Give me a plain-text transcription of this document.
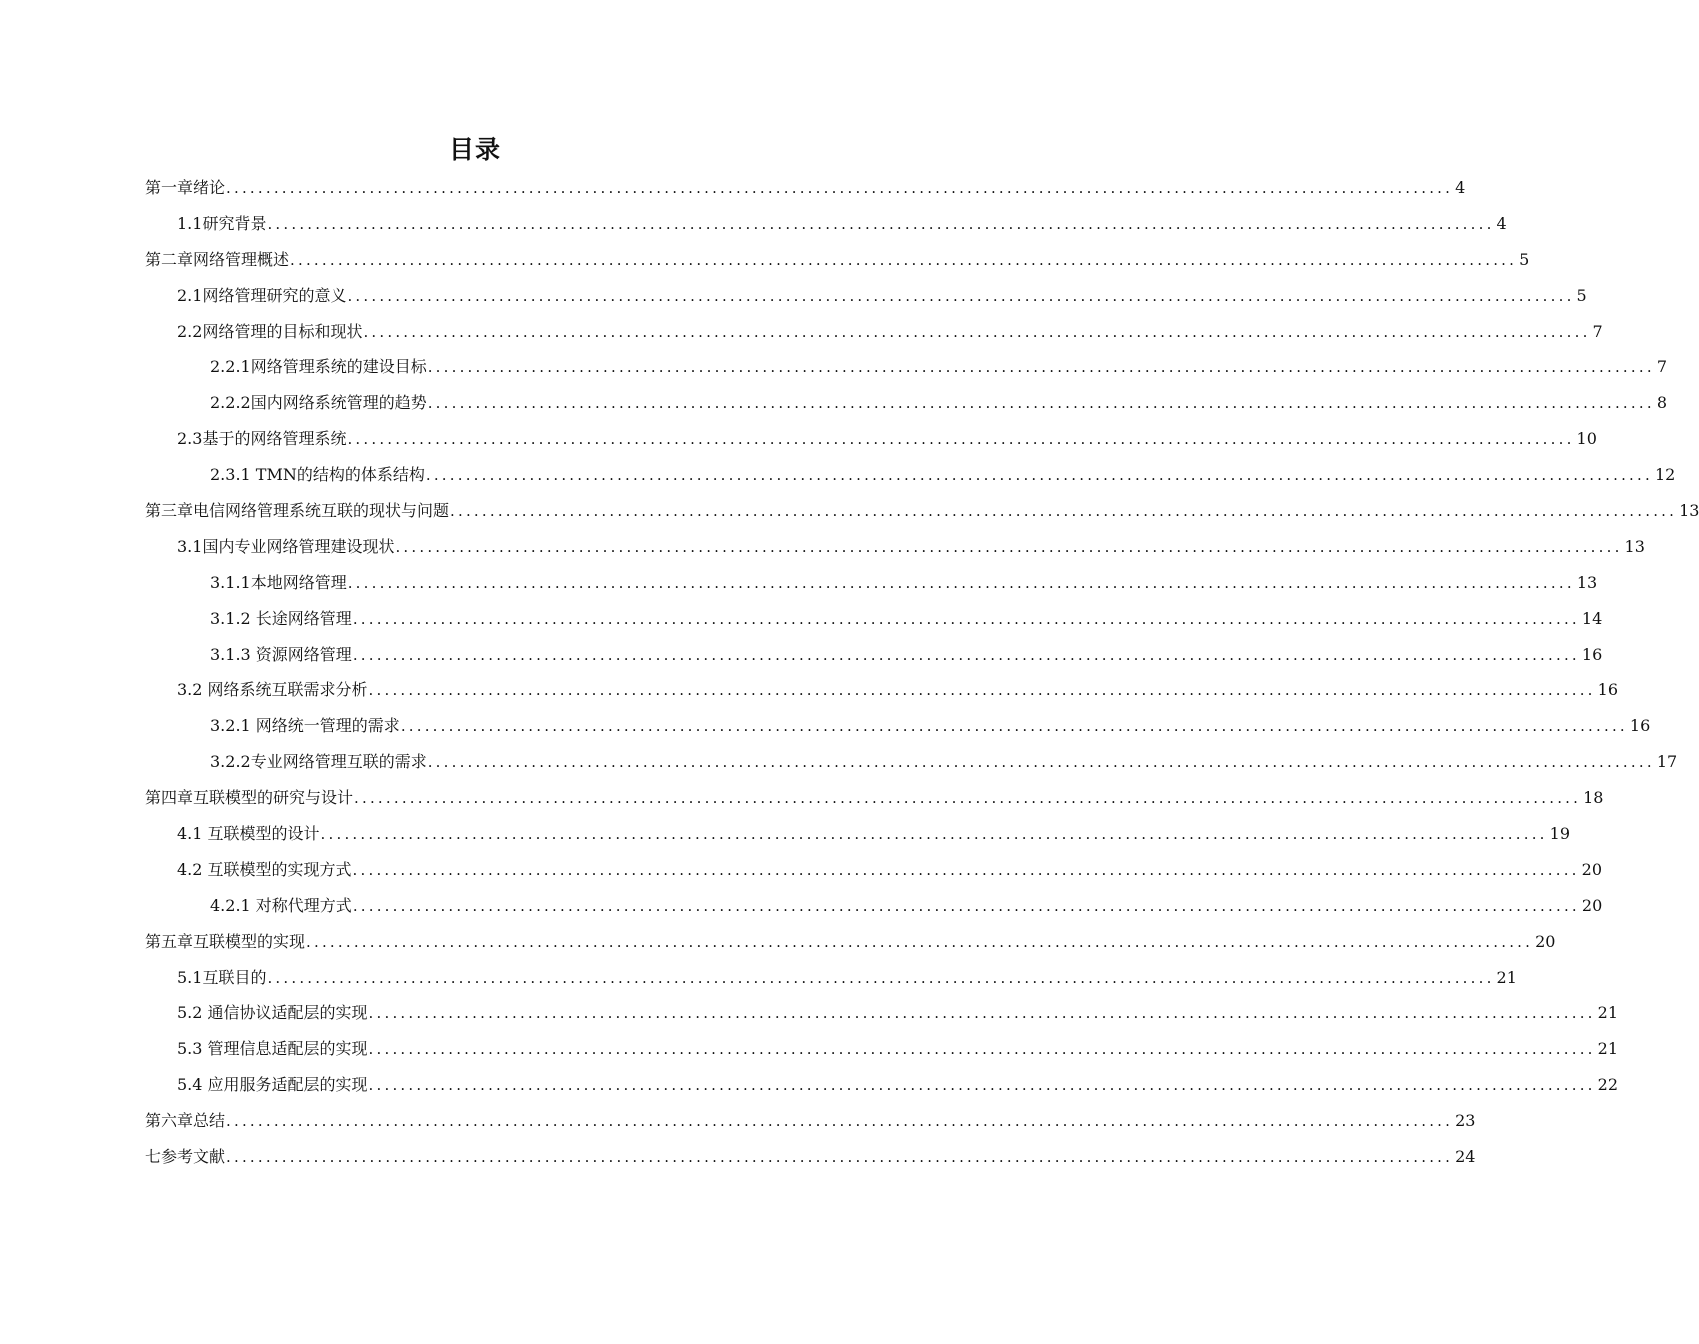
目录
第一章绪论 .......................................................................................................................................................... 4
1.1研究背景 .......................................................................................................................................................... 4
第二章网络管理概述 .......................................................................................................................................................... 5
2.1网络管理研究的意义 .......................................................................................................................................................... 5
2.2网络管理的目标和现状 .......................................................................................................................................................... 7
2.2.1网络管理系统的建设目标 .......................................................................................................................................................... 7
2.2.2国内网络系统管理的趋势 .......................................................................................................................................................... 8
2.3基于的网络管理系统 .......................................................................................................................................................... 10
2.3.1 TMN的结构的体系结构 .......................................................................................................................................................... 12
第三章电信网络管理系统互联的现状与问题 .......................................................................................................................................................... 13
3.1国内专业网络管理建设现状 .......................................................................................................................................................... 13
3.1.1本地网络管理 .......................................................................................................................................................... 13
3.1.2 长途网络管理 .......................................................................................................................................................... 14
3.1.3 资源网络管理 .......................................................................................................................................................... 16
3.2 网络系统互联需求分析 .......................................................................................................................................................... 16
3.2.1 网络统一管理的需求 .......................................................................................................................................................... 16
3.2.2专业网络管理互联的需求 .......................................................................................................................................................... 17
第四章互联模型的研究与设计 .......................................................................................................................................................... 18
4.1 互联模型的设计 .......................................................................................................................................................... 19
4.2 互联模型的实现方式 .......................................................................................................................................................... 20
4.2.1 对称代理方式 .......................................................................................................................................................... 20
第五章互联模型的实现 .......................................................................................................................................................... 20
5.1互联目的 .......................................................................................................................................................... 21
5.2 通信协议适配层的实现 .......................................................................................................................................................... 21
5.3 管理信息适配层的实现 .......................................................................................................................................................... 21
5.4 应用服务适配层的实现 .......................................................................................................................................................... 22
第六章总结 .......................................................................................................................................................... 23
七参考文献 .......................................................................................................................................................... 24
